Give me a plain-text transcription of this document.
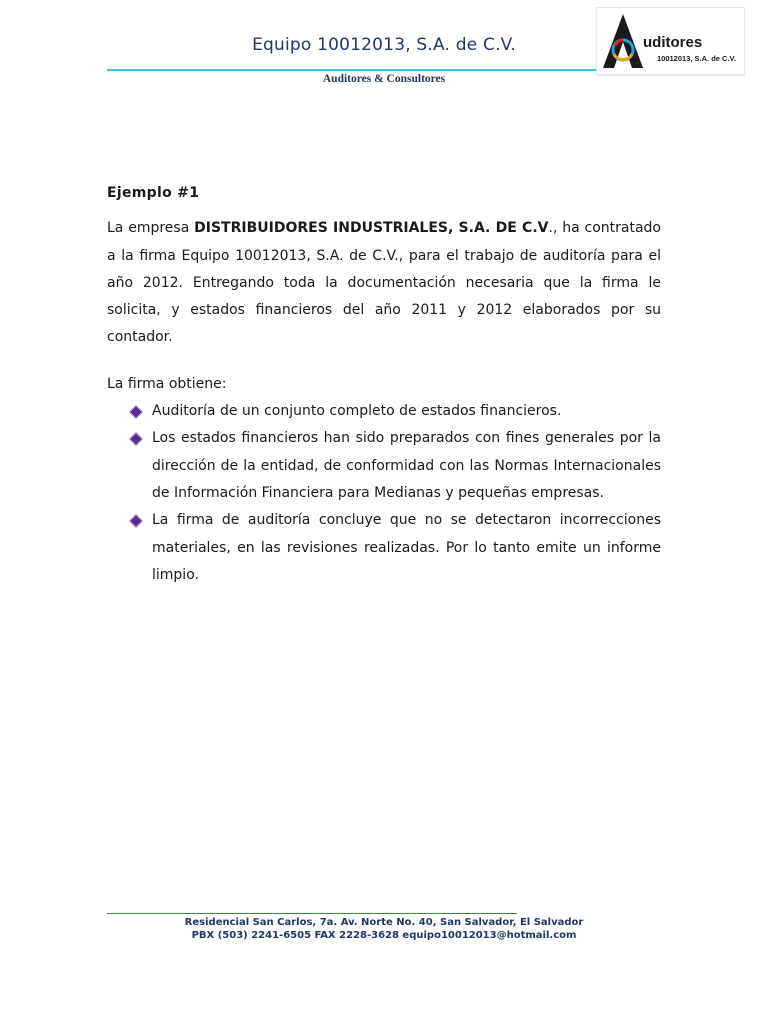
Equipo 10012013, S.A. de C.V.
Auditores & Consultores
uditores
10012013, S.A. de C.V.

Ejemplo #1

La empresa DISTRIBUIDORES INDUSTRIALES, S.A. DE C.V., ha contratado a la firma Equipo 10012013, S.A. de C.V., para el trabajo de auditoría para el año 2012. Entregando toda la documentación necesaria que la firma le solicita, y estados financieros del año 2011 y 2012 elaborados por su contador.

La firma obtiene:

Auditoría de un conjunto completo de estados financieros.
Los estados financieros han sido preparados con fines generales por la dirección de la entidad, de conformidad con las Normas Internacionales de Información Financiera para Medianas y pequeñas empresas.
La firma de auditoría concluye que no se detectaron incorrecciones materiales, en las revisiones realizadas. Por lo tanto emite un informe limpio.
Residencial San Carlos, 7a. Av. Norte No. 40, San Salvador, El Salvador
PBX (503) 2241-6505 FAX 2228-3628 equipo10012013@hotmail.com
